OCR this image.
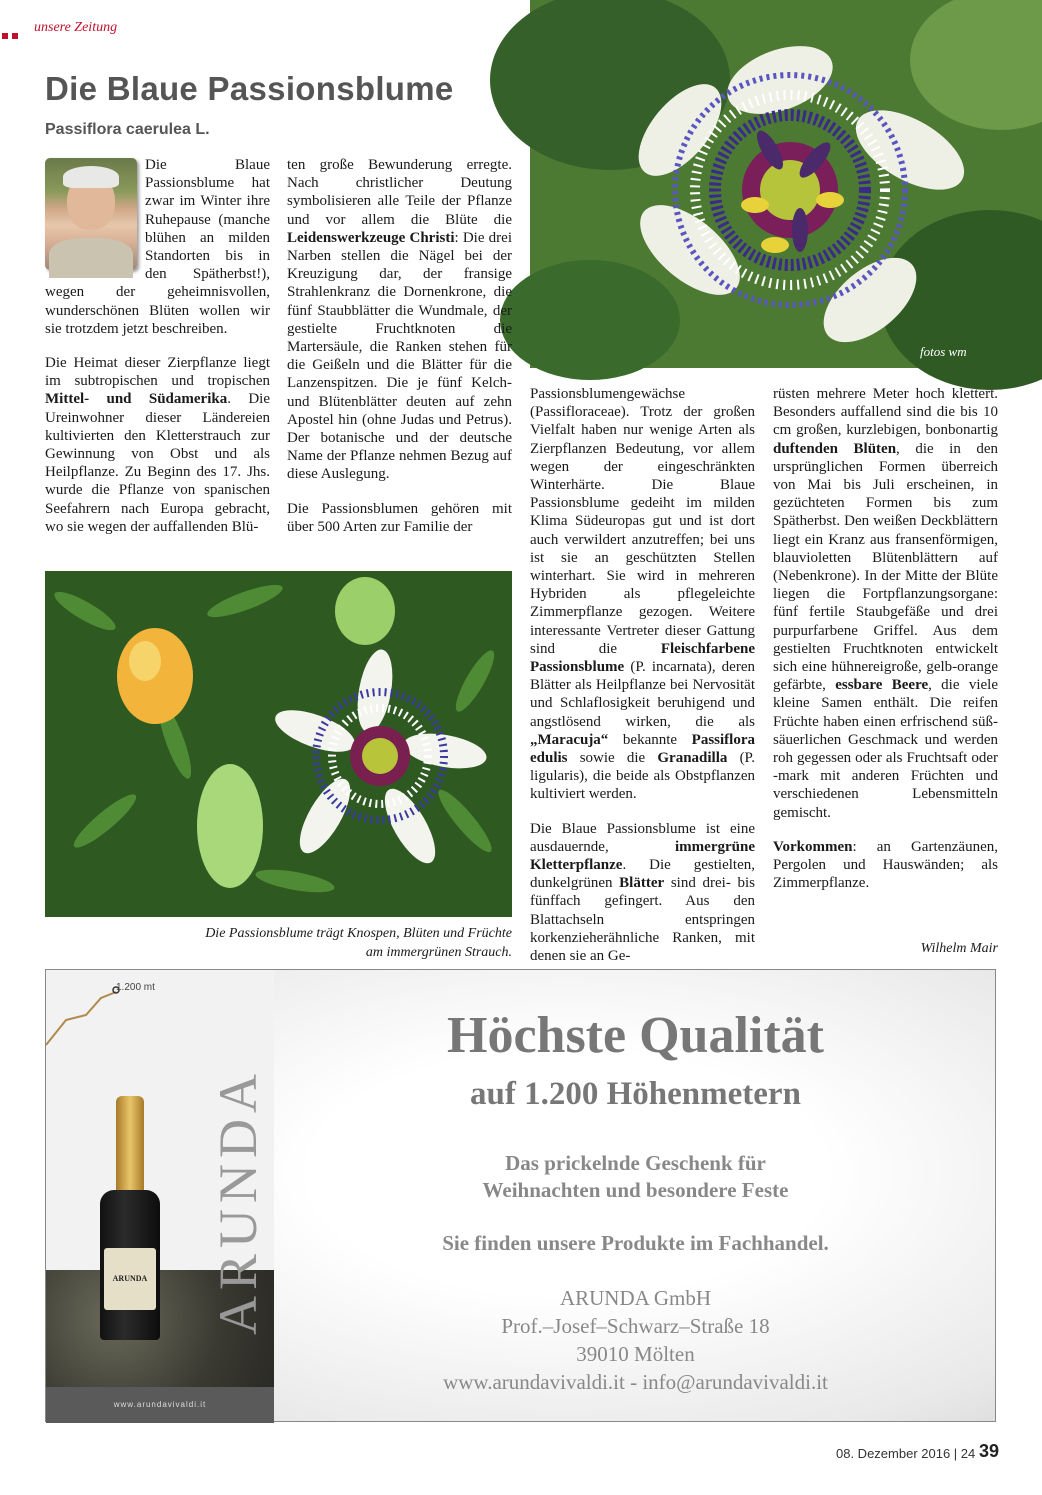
unsere Zeitung
fotos wm
Die Blaue Passionsblume
Passiflora caerulea L.

Die Blaue Passionsblume hat zwar im Winter ihre Ruhepause (manche blühen an milden Standorten bis in den Spätherbst!), wegen der geheimnisvollen, wunderschönen Blüten wollen wir sie trotzdem jetzt beschreiben.

Die Heimat dieser Zierpflanze liegt im subtropischen und tropischen Mittel- und Südamerika. Die Ureinwohner dieser Ländereien kultivierten den Kletterstrauch zur Gewinnung von Obst und als Heilpflanze. Zu Beginn des 17. Jhs. wurde die Pflanze von spanischen Seefahrern nach Europa gebracht, wo sie wegen der auffallenden Blü-

ten große Bewunderung erregte. Nach christlicher Deutung symbolisieren alle Teile der Pflanze und vor allem die Blüte die Leidenswerkzeuge Christi: Die drei Narben stellen die Nägel bei der Kreuzigung dar, der fransige Strahlenkranz die Dornenkrone, die fünf Staubblätter die Wundmale, der gestielte Fruchtknoten die Martersäule, die Ranken stehen für die Geißeln und die Blätter für die Lanzenspitzen. Die je fünf Kelch- und Blütenblätter deuten auf zehn Apostel hin (ohne Judas und Petrus). Der botanische und der deutsche Name der Pflanze nehmen Bezug auf diese Auslegung.

Die Passionsblumen gehören mit über 500 Arten zur Familie der

Die Passionsblume trägt Knospen, Blüten und Früchte
am immergrünen Strauch.

Passionsblumengewächse (Passifloraceae). Trotz der großen Vielfalt haben nur wenige Arten als Zierpflanzen Bedeutung, vor allem wegen der eingeschränkten Winterhärte. Die Blaue Passionsblume gedeiht im milden Klima Südeuropas gut und ist dort auch verwildert anzutreffen; bei uns ist sie an geschützten Stellen winterhart. Sie wird in mehreren Hybriden als pflegeleichte Zimmerpflanze gezogen. Weitere interessante Vertreter dieser Gattung sind die Fleischfarbene Passionsblume (P. incarnata), deren Blätter als Heilpflanze bei Nervosität und Schlaflosigkeit beruhigend und angstlösend wirken, die als „Maracuja“ bekannte Passiflora edulis sowie die Granadilla (P. ligularis), die beide als Obstpflanzen kultiviert werden.

Die Blaue Passionsblume ist eine ausdauernde, immergrüne Kletterpflanze. Die gestielten, dunkelgrünen Blätter sind drei- bis fünffach gefingert. Aus den Blattachseln entspringen korkenzieherähnliche Ranken, mit denen sie an Ge-

rüsten mehrere Meter hoch klettert. Besonders auffallend sind die bis 10 cm großen, kurzlebigen, bonbonartig duftenden Blüten, die in den ursprünglichen Formen überreich von Mai bis Juli erscheinen, in gezüchteten Formen bis zum Spätherbst. Den weißen Deckblättern liegt ein Kranz aus fransenförmigen, blauvioletten Blütenblättern auf (Nebenkrone). In der Mitte der Blüte liegen die Fortpflanzungsorgane: fünf fertile Staubgefäße und drei purpurfarbene Griffel. Aus dem gestielten Fruchtknoten entwickelt sich eine hühnereigroße, gelb-orange gefärbte, essbare Beere, die viele kleine Samen enthält. Die reifen Früchte haben einen erfrischend süß-säuerlichen Geschmack und werden roh gegessen oder als Fruchtsaft oder -mark mit anderen Früchten und verschiedenen Lebensmitteln gemischt.

Vorkommen: an Gartenzäunen, Pergolen und Hauswänden; als Zimmerpflanze.

Wilhelm Mair
1.200 mt
ARUNDA ARUNDA
www.arundavivaldi.it
Höchste Qualität
auf 1.200 Höhenmetern
Das prickelnde Geschenk für
Weihnachten und besondere Feste
Sie finden unsere Produkte im Fachhandel.
ARUNDA GmbH
Prof.–Josef–Schwarz–Straße 18
39010 Mölten
www.arundavivaldi.it - info@arundavivaldi.it
08. Dezember 2016 | 24 39
